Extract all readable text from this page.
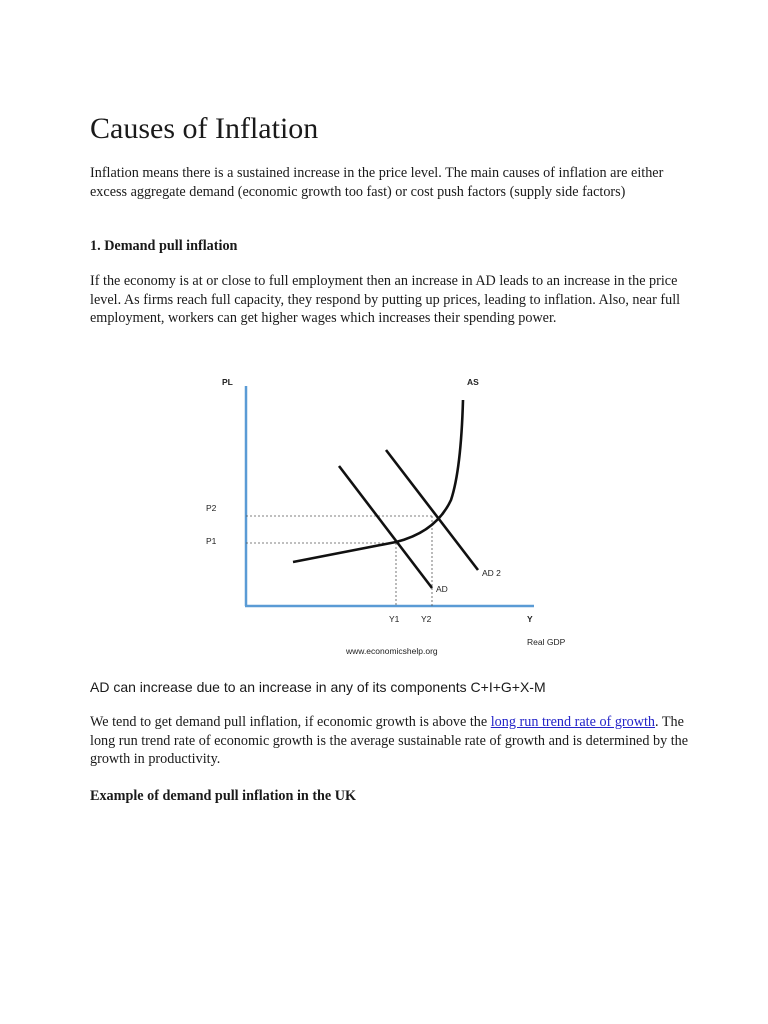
Causes of Inflation

Inflation means there is a sustained increase in the price level. The main causes of inflation are either excess aggregate demand (economic growth too fast) or cost push factors (supply side factors)

1. Demand pull inflation

If the economy is at or close to full employment then an increase in AD leads to an increase in the price level. As firms reach full capacity, they respond by putting up prices, leading to inflation. Also, near full employment, workers can get higher wages which increases their spending power.

AD can increase due to an increase in any of its components C+I+G+X-M

We tend to get demand pull inflation, if economic growth is above the long run trend rate of growth. The long run trend rate of economic growth is the average sustainable rate of growth and is determined by the growth in productivity.

Example of demand pull inflation in the UK

PL	AS
P2
P1
AD 2
AD
Y1	Y2	Y
Real GDP
www.economicshelp.org
